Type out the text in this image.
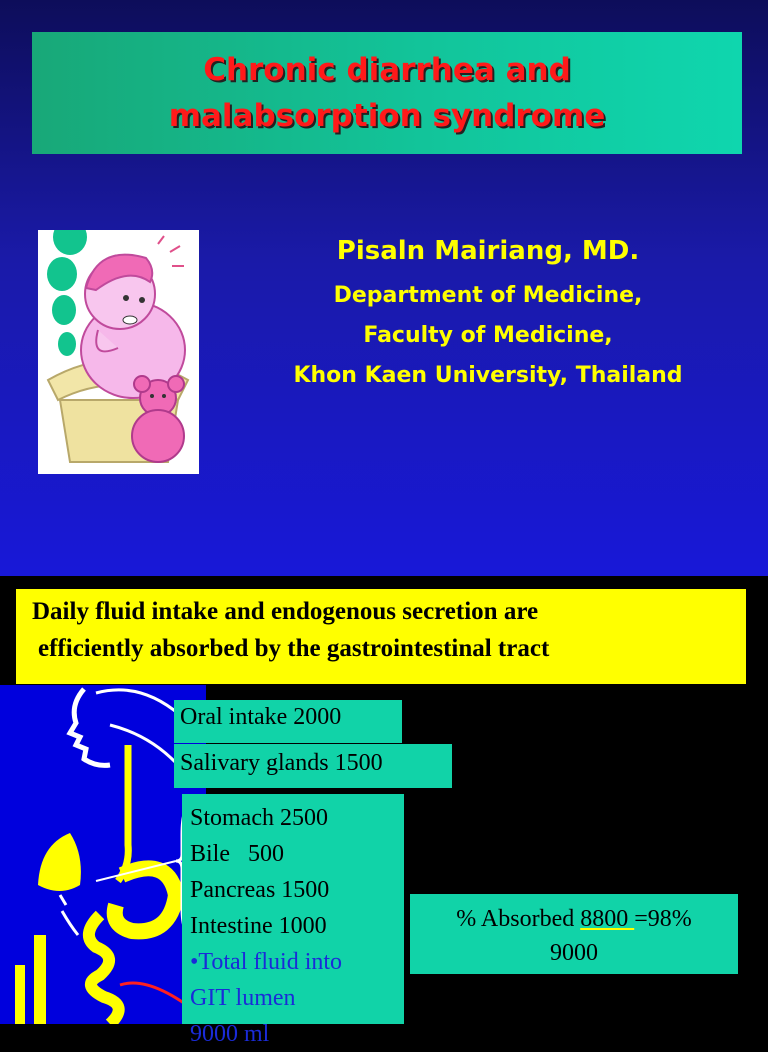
Chronic diarrhea and
malabsorption syndrome
Pisaln Mairiang, MD.
Department of Medicine,
Faculty of Medicine,
Khon Kaen University, Thailand
Daily fluid intake and endogenous secretion are
efficiently absorbed by the gastrointestinal tract
Oral intake 2000
Salivary glands 1500
Stomach 2500
Bile   500
Pancreas 1500
Intestine 1000
•Total fluid into
GIT lumen
9000 ml
% Absorbed 8800 =98%
9000
